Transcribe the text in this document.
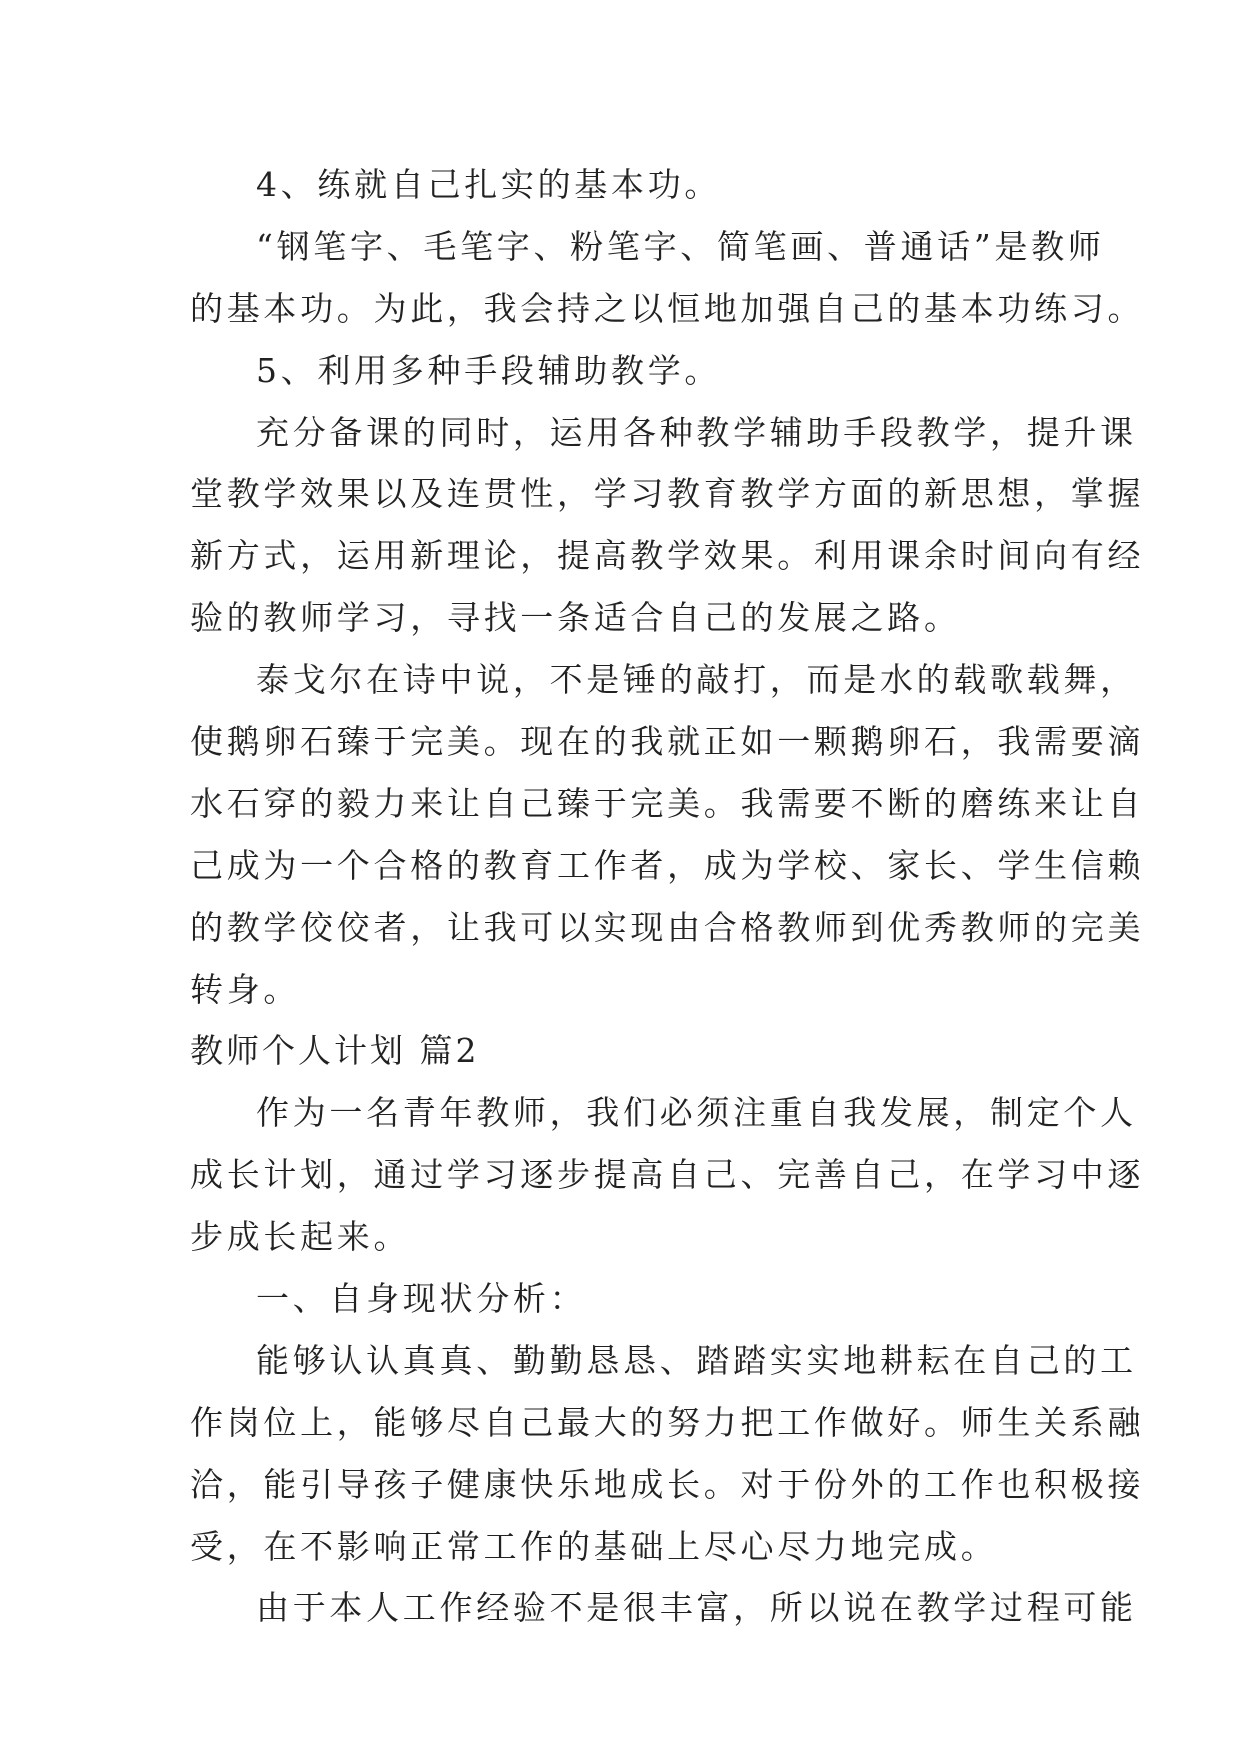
4、练就自己扎实的基本功。
“钢笔字、毛笔字、粉笔字、简笔画、普通话”是教师
的基本功。为此，我会持之以恒地加强自己的基本功练习。
5、利用多种手段辅助教学。
充分备课的同时，运用各种教学辅助手段教学，提升课
堂教学效果以及连贯性，学习教育教学方面的新思想，掌握
新方式，运用新理论，提高教学效果。利用课余时间向有经
验的教师学习，寻找一条适合自己的发展之路。
泰戈尔在诗中说，不是锤的敲打，而是水的载歌载舞，
使鹅卵石臻于完美。现在的我就正如一颗鹅卵石，我需要滴
水石穿的毅力来让自己臻于完美。我需要不断的磨练来让自
己成为一个合格的教育工作者，成为学校、家长、学生信赖
的教学佼佼者，让我可以实现由合格教师到优秀教师的完美
转身。
教师个人计划 篇2
作为一名青年教师，我们必须注重自我发展，制定个人
成长计划，通过学习逐步提高自己、完善自己，在学习中逐
步成长起来。
一、自身现状分析：
能够认认真真、勤勤恳恳、踏踏实实地耕耘在自己的工
作岗位上，能够尽自己最大的努力把工作做好。师生关系融
洽，能引导孩子健康快乐地成长。对于份外的工作也积极接
受，在不影响正常工作的基础上尽心尽力地完成。
由于本人工作经验不是很丰富，所以说在教学过程可能
